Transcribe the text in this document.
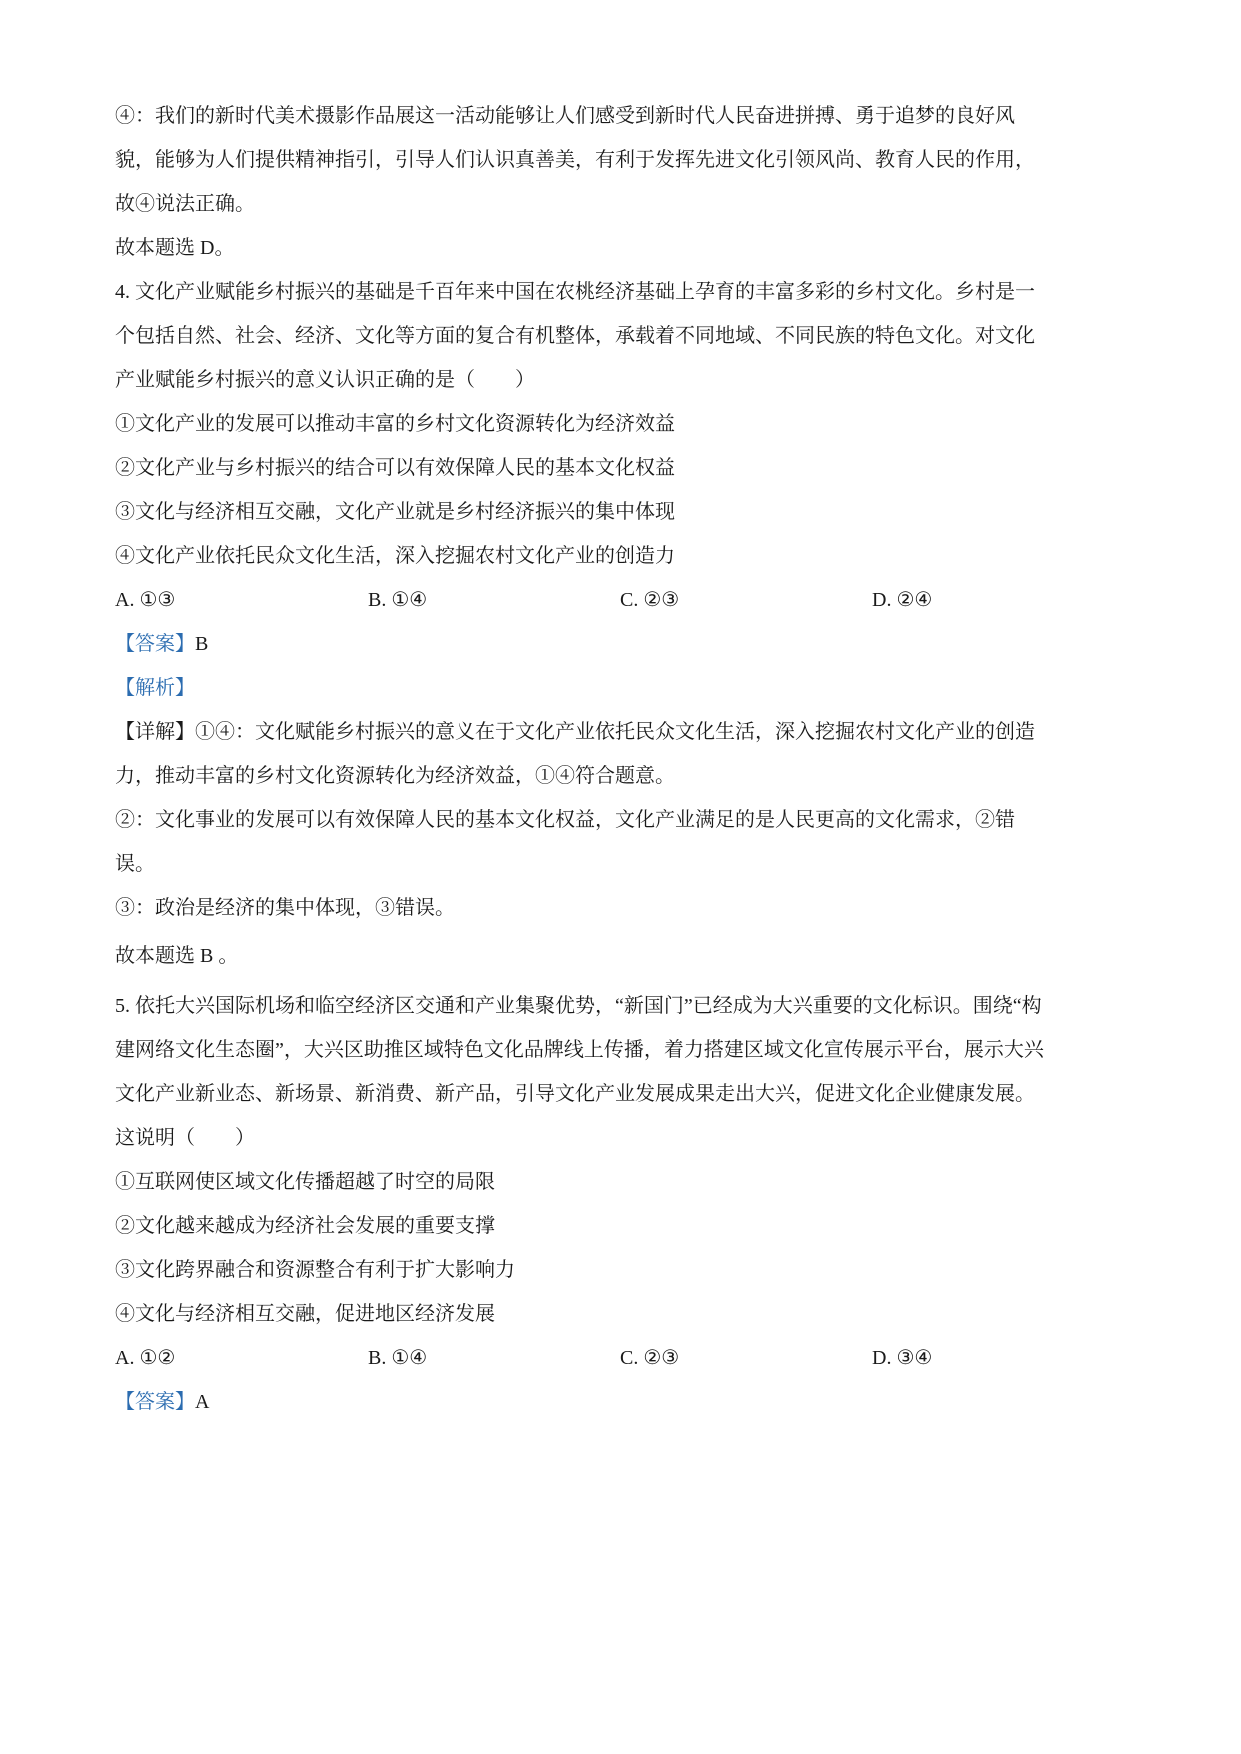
④：我们的新时代美术摄影作品展这一活动能够让人们感受到新时代人民奋进拼搏、勇于追梦的良好风
貌，能够为人们提供精神指引，引导人们认识真善美，有利于发挥先进文化引领风尚、教育人民的作用，
故④说法正确。
故本题选 D。
4. 文化产业赋能乡村振兴的基础是千百年来中国在农桃经济基础上孕育的丰富多彩的乡村文化。乡村是一
个包括自然、社会、经济、文化等方面的复合有机整体，承载着不同地域、不同民族的特色文化。对文化
产业赋能乡村振兴的意义认识正确的是（　　）
①文化产业的发展可以推动丰富的乡村文化资源转化为经济效益
②文化产业与乡村振兴的结合可以有效保障人民的基本文化权益
③文化与经济相互交融，文化产业就是乡村经济振兴的集中体现
④文化产业依托民众文化生活，深入挖掘农村文化产业的创造力
A. ①③	B. ①④	C. ②③	D. ②④
【答案】B
【解析】
【详解】①④：文化赋能乡村振兴的意义在于文化产业依托民众文化生活，深入挖掘农村文化产业的创造
力，推动丰富的乡村文化资源转化为经济效益，①④符合题意。
②：文化事业的发展可以有效保障人民的基本文化权益，文化产业满足的是人民更高的文化需求，②错
误。
③：政治是经济的集中体现，③错误。
故本题选 B 。
5. 依托大兴国际机场和临空经济区交通和产业集聚优势，“新国门”已经成为大兴重要的文化标识。围绕“构
建网络文化生态圈”，大兴区助推区域特色文化品牌线上传播，着力搭建区域文化宣传展示平台，展示大兴
文化产业新业态、新场景、新消费、新产品，引导文化产业发展成果走出大兴，促进文化企业健康发展。
这说明（　　）
①互联网使区域文化传播超越了时空的局限
②文化越来越成为经济社会发展的重要支撑
③文化跨界融合和资源整合有利于扩大影响力
④文化与经济相互交融，促进地区经济发展
A. ①②	B. ①④	C. ②③	D. ③④
【答案】A
